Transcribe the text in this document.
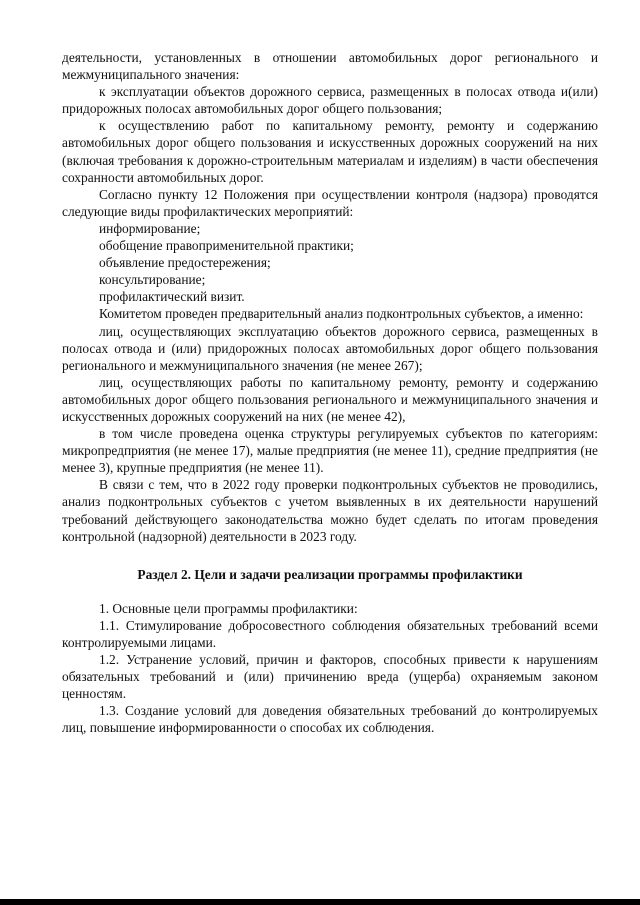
деятельности, установленных в отношении автомобильных дорог регионального и межмуниципального значения:

к эксплуатации объектов дорожного сервиса, размещенных в полосах отвода и(или) придорожных полосах автомобильных дорог общего пользования;

к осуществлению работ по капитальному ремонту, ремонту и содержанию автомобильных дорог общего пользования и искусственных дорожных сооружений на них (включая требования к дорожно-строительным материалам и изделиям) в части обеспечения сохранности автомобильных дорог.

Согласно пункту 12 Положения при осуществлении контроля (надзора) проводятся следующие виды профилактических мероприятий:

информирование;

обобщение правоприменительной практики;

объявление предостережения;

консультирование;

профилактический визит.

Комитетом проведен предварительный анализ подконтрольных субъектов, а именно:

лиц, осуществляющих эксплуатацию объектов дорожного сервиса, размещенных в полосах отвода и (или) придорожных полосах автомобильных дорог общего пользования регионального и межмуниципального значения (не менее 267);

лиц, осуществляющих работы по капитальному ремонту, ремонту и содержанию автомобильных дорог общего пользования регионального и межмуниципального значения и искусственных дорожных сооружений на них (не менее 42),

в том числе проведена оценка структуры регулируемых субъектов по категориям: микропредприятия (не менее 17), малые предприятия (не менее 11), средние предприятия (не менее 3), крупные предприятия (не менее 11).

В связи с тем, что в 2022 году проверки подконтрольных субъектов не проводились, анализ подконтрольных субъектов с учетом выявленных в их деятельности нарушений требований действующего законодательства можно будет сделать по итогам проведения контрольной (надзорной) деятельности в 2023 году.

Раздел 2. Цели и задачи реализации программы профилактики

1. Основные цели программы профилактики:

1.1. Стимулирование добросовестного соблюдения обязательных требований всеми контролируемыми лицами.

1.2. Устранение условий, причин и факторов, способных привести к нарушениям обязательных требований и (или) причинению вреда (ущерба) охраняемым законом ценностям.

1.3. Создание условий для доведения обязательных требований до контролируемых лиц, повышение информированности о способах их соблюдения.
